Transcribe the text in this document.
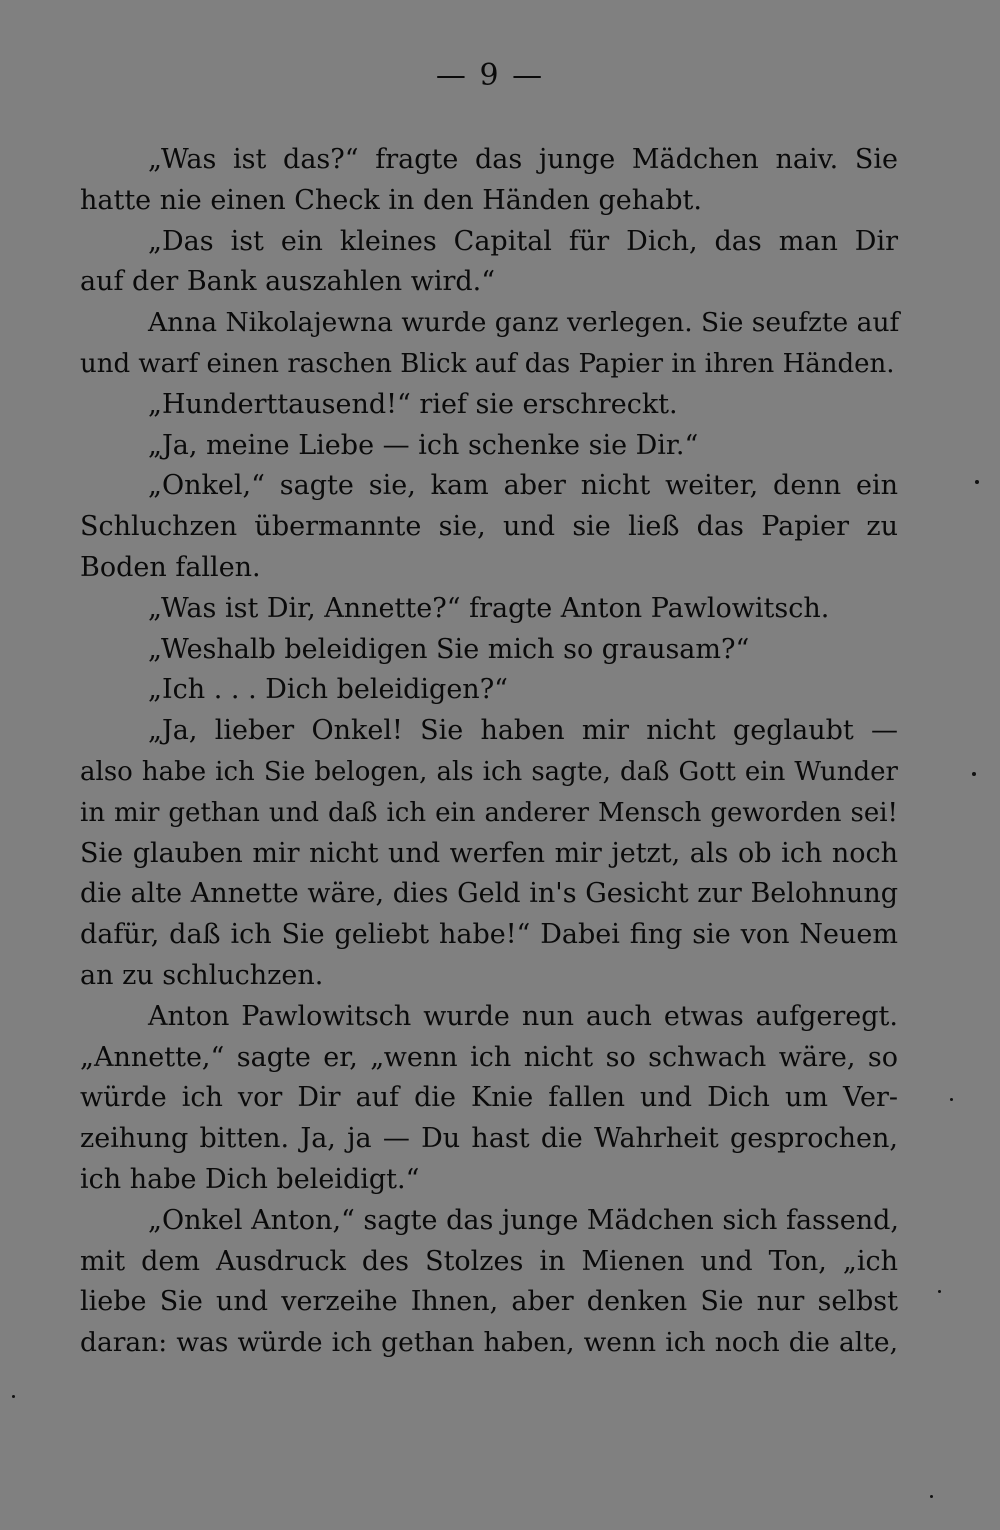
— 9 —
„Was ist das?“ fragte das junge Mädchen naiv. Sie
hatte nie einen Check in den Händen gehabt.
„Das ist ein kleines Capital für Dich, das man Dir
auf der Bank auszahlen wird.“
Anna Nikolajewna wurde ganz verlegen. Sie seufzte auf
und warf einen raschen Blick auf das Papier in ihren Händen.
„Hunderttausend!“ rief sie erschreckt.
„Ja, meine Liebe — ich schenke sie Dir.“
„Onkel,“ sagte sie, kam aber nicht weiter, denn ein
Schluchzen übermannte sie, und sie ließ das Papier zu
Boden fallen.
„Was ist Dir, Annette?“ fragte Anton Pawlowitsch.
„Weshalb beleidigen Sie mich so grausam?“
„Ich . . . Dich beleidigen?“
„Ja, lieber Onkel! Sie haben mir nicht geglaubt —
also habe ich Sie belogen, als ich sagte, daß Gott ein Wunder
in mir gethan und daß ich ein anderer Mensch geworden sei!
Sie glauben mir nicht und werfen mir jetzt, als ob ich noch
die alte Annette wäre, dies Geld in's Gesicht zur Belohnung
dafür, daß ich Sie geliebt habe!“ Dabei fing sie von Neuem
an zu schluchzen.
Anton Pawlowitsch wurde nun auch etwas aufgeregt.
„Annette,“ sagte er, „wenn ich nicht so schwach wäre, so
würde ich vor Dir auf die Knie fallen und Dich um Ver-
zeihung bitten. Ja, ja — Du hast die Wahrheit gesprochen,
ich habe Dich beleidigt.“
„Onkel Anton,“ sagte das junge Mädchen sich fassend,
mit dem Ausdruck des Stolzes in Mienen und Ton, „ich
liebe Sie und verzeihe Ihnen, aber denken Sie nur selbst
daran: was würde ich gethan haben, wenn ich noch die alte,
